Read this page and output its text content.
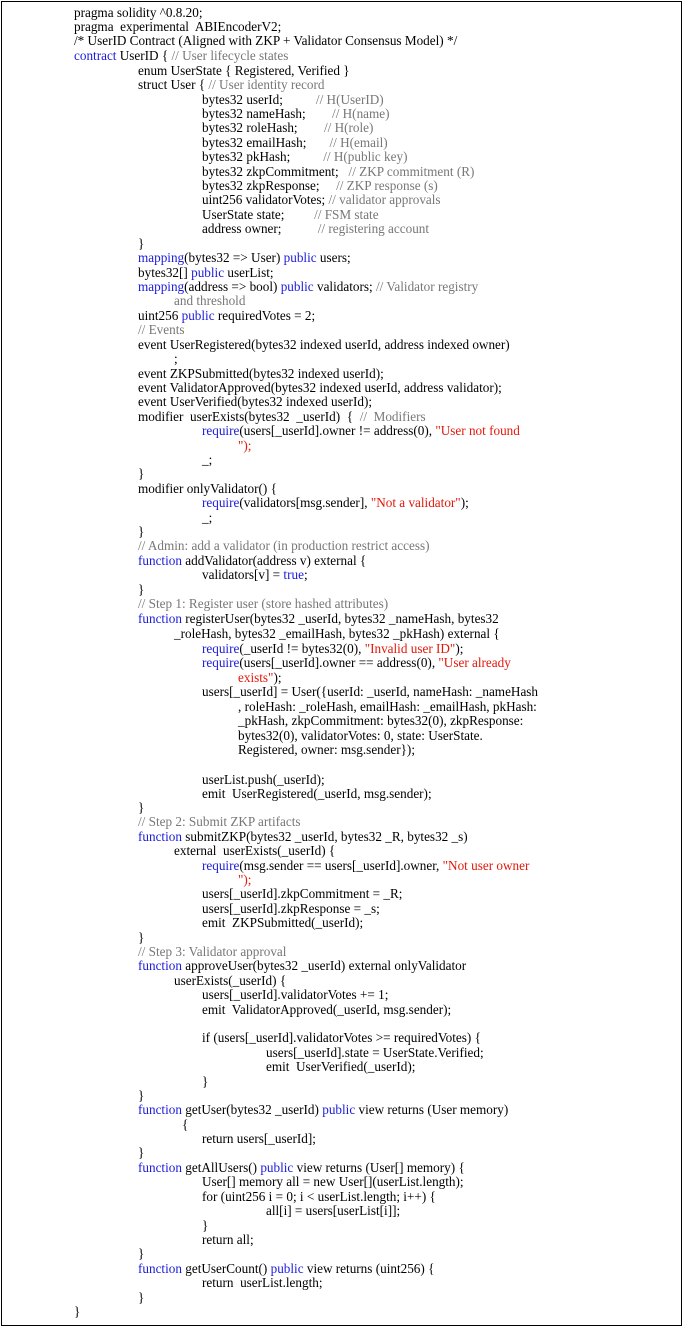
pragma solidity ^0.8.20;
pragma  experimental  ABIEncoderV2;
/* UserID Contract (Aligned with ZKP + Validator Consensus Model) */
contract UserID { // User lifecycle states
enum UserState { Registered, Verified }
struct User { // User identity record
bytes32 userId;          // H(UserID)
bytes32 nameHash;        // H(name)
bytes32 roleHash;        // H(role)
bytes32 emailHash;       // H(email)
bytes32 pkHash;          // H(public key)
bytes32 zkpCommitment;   // ZKP commitment (R)
bytes32 zkpResponse;     // ZKP response (s)
uint256 validatorVotes; // validator approvals
UserState state;         // FSM state
address owner;           // registering account
}
mapping(bytes32 => User) public users;
bytes32[] public userList;
mapping(address => bool) public validators; // Validator registry
and threshold
uint256 public requiredVotes = 2;
// Events
event UserRegistered(bytes32 indexed userId, address indexed owner)
;
event ZKPSubmitted(bytes32 indexed userId);
event ValidatorApproved(bytes32 indexed userId, address validator);
event UserVerified(bytes32 indexed userId);
modifier  userExists(bytes32  _userId)  {  //  Modifiers
require(users[_userId].owner != address(0), "User not found
");
_;
}
modifier onlyValidator() {
require(validators[msg.sender], "Not a validator");
_;
}
// Admin: add a validator (in production restrict access)
function addValidator(address v) external {
validators[v] = true;
}
// Step 1: Register user (store hashed attributes)
function registerUser(bytes32 _userId, bytes32 _nameHash, bytes32
_roleHash, bytes32 _emailHash, bytes32 _pkHash) external {
require(_userId != bytes32(0), "Invalid user ID");
require(users[_userId].owner == address(0), "User already
exists");
users[_userId] = User({userId: _userId, nameHash: _nameHash
, roleHash: _roleHash, emailHash: _emailHash, pkHash:
_pkHash, zkpCommitment: bytes32(0), zkpResponse:
bytes32(0), validatorVotes: 0, state: UserState.
Registered, owner: msg.sender});
userList.push(_userId);
emit  UserRegistered(_userId, msg.sender);
}
// Step 2: Submit ZKP artifacts
function submitZKP(bytes32 _userId, bytes32 _R, bytes32 _s)
external  userExists(_userId) {
require(msg.sender == users[_userId].owner, "Not user owner
");
users[_userId].zkpCommitment = _R;
users[_userId].zkpResponse = _s;
emit  ZKPSubmitted(_userId);
}
// Step 3: Validator approval
function approveUser(bytes32 _userId) external onlyValidator
userExists(_userId) {
users[_userId].validatorVotes += 1;
emit  ValidatorApproved(_userId, msg.sender);
if (users[_userId].validatorVotes >= requiredVotes) {
users[_userId].state = UserState.Verified;
emit  UserVerified(_userId);
}
}
function getUser(bytes32 _userId) public view returns (User memory)
{
return users[_userId];
}
function getAllUsers() public view returns (User[] memory) {
User[] memory all = new User[](userList.length);
for (uint256 i = 0; i < userList.length; i++) {
all[i] = users[userList[i]];
}
return all;
}
function getUserCount() public view returns (uint256) {
return  userList.length;
}
}
